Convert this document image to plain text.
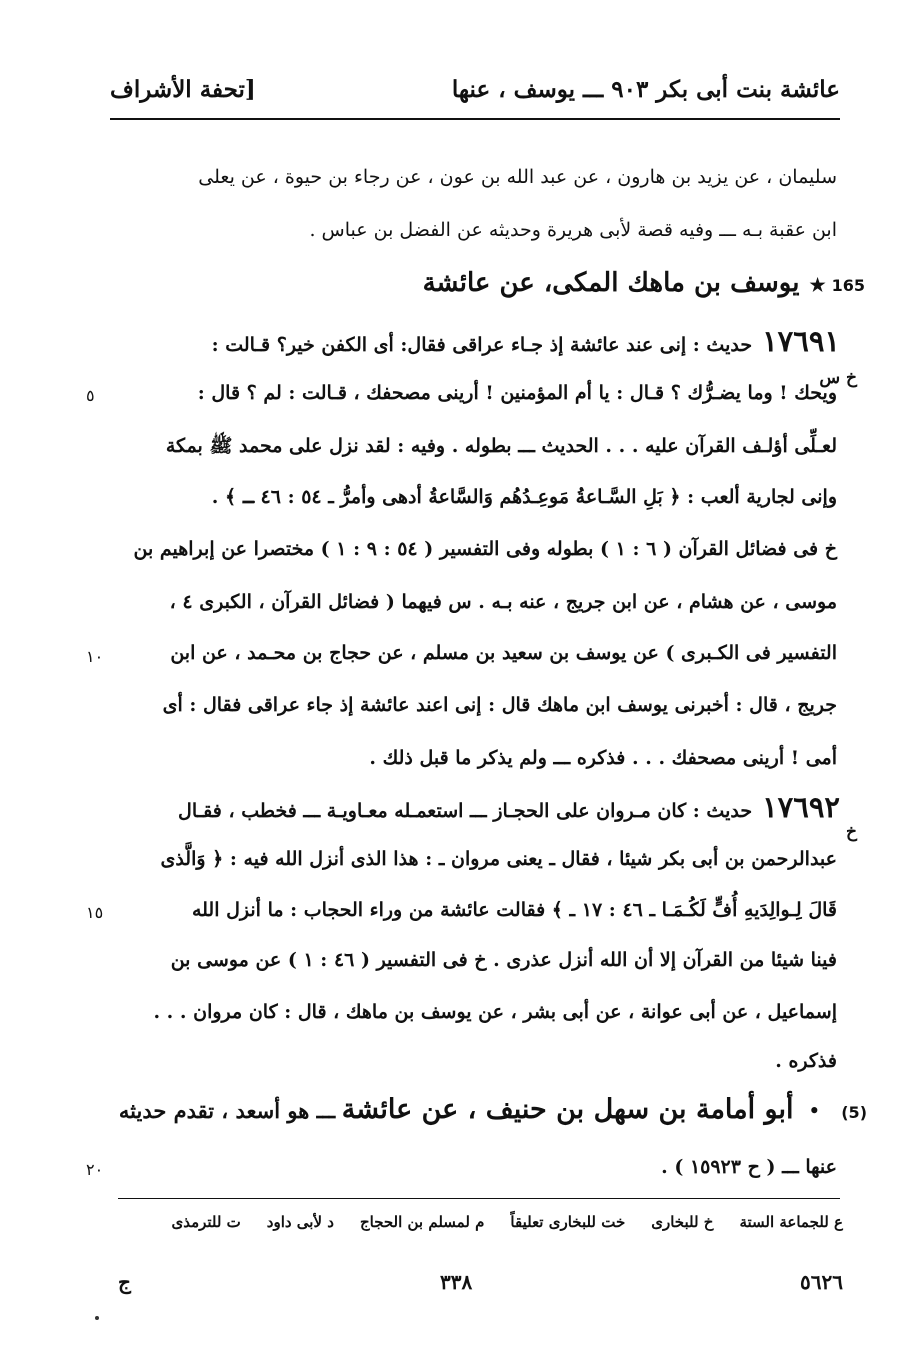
عائشة بنت أبى بكر ٩٠٣ ـــ يوسف ، عنها
[تحفة الأشراف
سليمان ، عن يزيد بن هارون ، عن عبد الله بن عون ، عن رجاء بن حيوة ، عن يعلى
ابن عقبة بـه ـــ وفيه قصة لأبى هريرة وحديثه عن الفضل بن عباس .
165★يوسف بن ماهك المكى، عن عائشة
١٧٦٩١حديث : إنى عند عائشة إذ جـاء عراقى فقال: أى الكفن خير؟ قـالت :
خ س
٥	ويحك ! وما يضـرُّك ؟ قـال : يا أم المؤمنين ! أرينى مصحفك ، قـالت : لم ؟ قال :
لعـلِّى أؤلـف القرآن عليه . . . الحديث ـــ بطوله . وفيه : لقد نزل على محمد ﷺ بمكة
وإنى لجارية ألعب : ﴿ بَلِ السَّـاعةُ مَوعِـدُهُم وَالسَّاعةُ أدهى وأمرُّ ـ ٥٤ : ٤٦ ـ ﴾ .
خ فى فضائل القرآن ( ٦ : ١ ) بطوله وفى التفسير ( ٥٤ : ٩ : ١ ) مختصرا عن إبراهيم بن
موسى ، عن هشام ، عن ابن جريج ، عنه بـه . س فيهما ( فضائل القرآن ، الكبرى ٤ ،
١٠	التفسير فى الكـبرى ) عن يوسف بن سعيد بن مسلم ، عن حجاج بن محـمد ، عن ابن
جريج ، قال : أخبرنى يوسف ابن ماهك قال : إنى اعند عائشة إذ جاء عراقى فقال : أى
أمى ! أرينى مصحفك . . . فذكره ـــ ولم يذكر ما قبل ذلك .
١٧٦٩٢حديث : كان مـروان على الحجـاز ـــ استعمـله معـاويـة ـــ فخطب ، فقـال
خ
عبدالرحمن بن أبى بكر شيئا ، فقال ـ يعنى مروان ـ : هذا الذى أنزل الله فيه : ﴿ وَالَّذى
١٥	قَالَ لِـوالِدَيهِ أُفٍّ لَكُـمَـا ـ ٤٦ : ١٧ ـ ﴾ فقالت عائشة من وراء الحجاب : ما أنزل الله
فينا شيئا من القرآن إلا أن الله أنزل عذرى . خ فى التفسير ( ٤٦ : ١ ) عن موسى بن
إسماعيل ، عن أبى عوانة ، عن أبى بشر ، عن يوسف بن ماهك ، قال : كان مروان . . .
فذكره .
(5) • أبو أمامة بن سهل بن حنيف ، عن عائشة ـــ هو أسعد ، تقدم حديثه
عنها ـــ ( ح ١٥٩٢٣ ) .
٢٠
ع للجماعة الستة
خ للبخارى
خت للبخارى تعليقاً
م لمسلم بن الحجاج
د لأبى داود
ت للترمذى
٥٦٢٦
٣٣٨
ج
